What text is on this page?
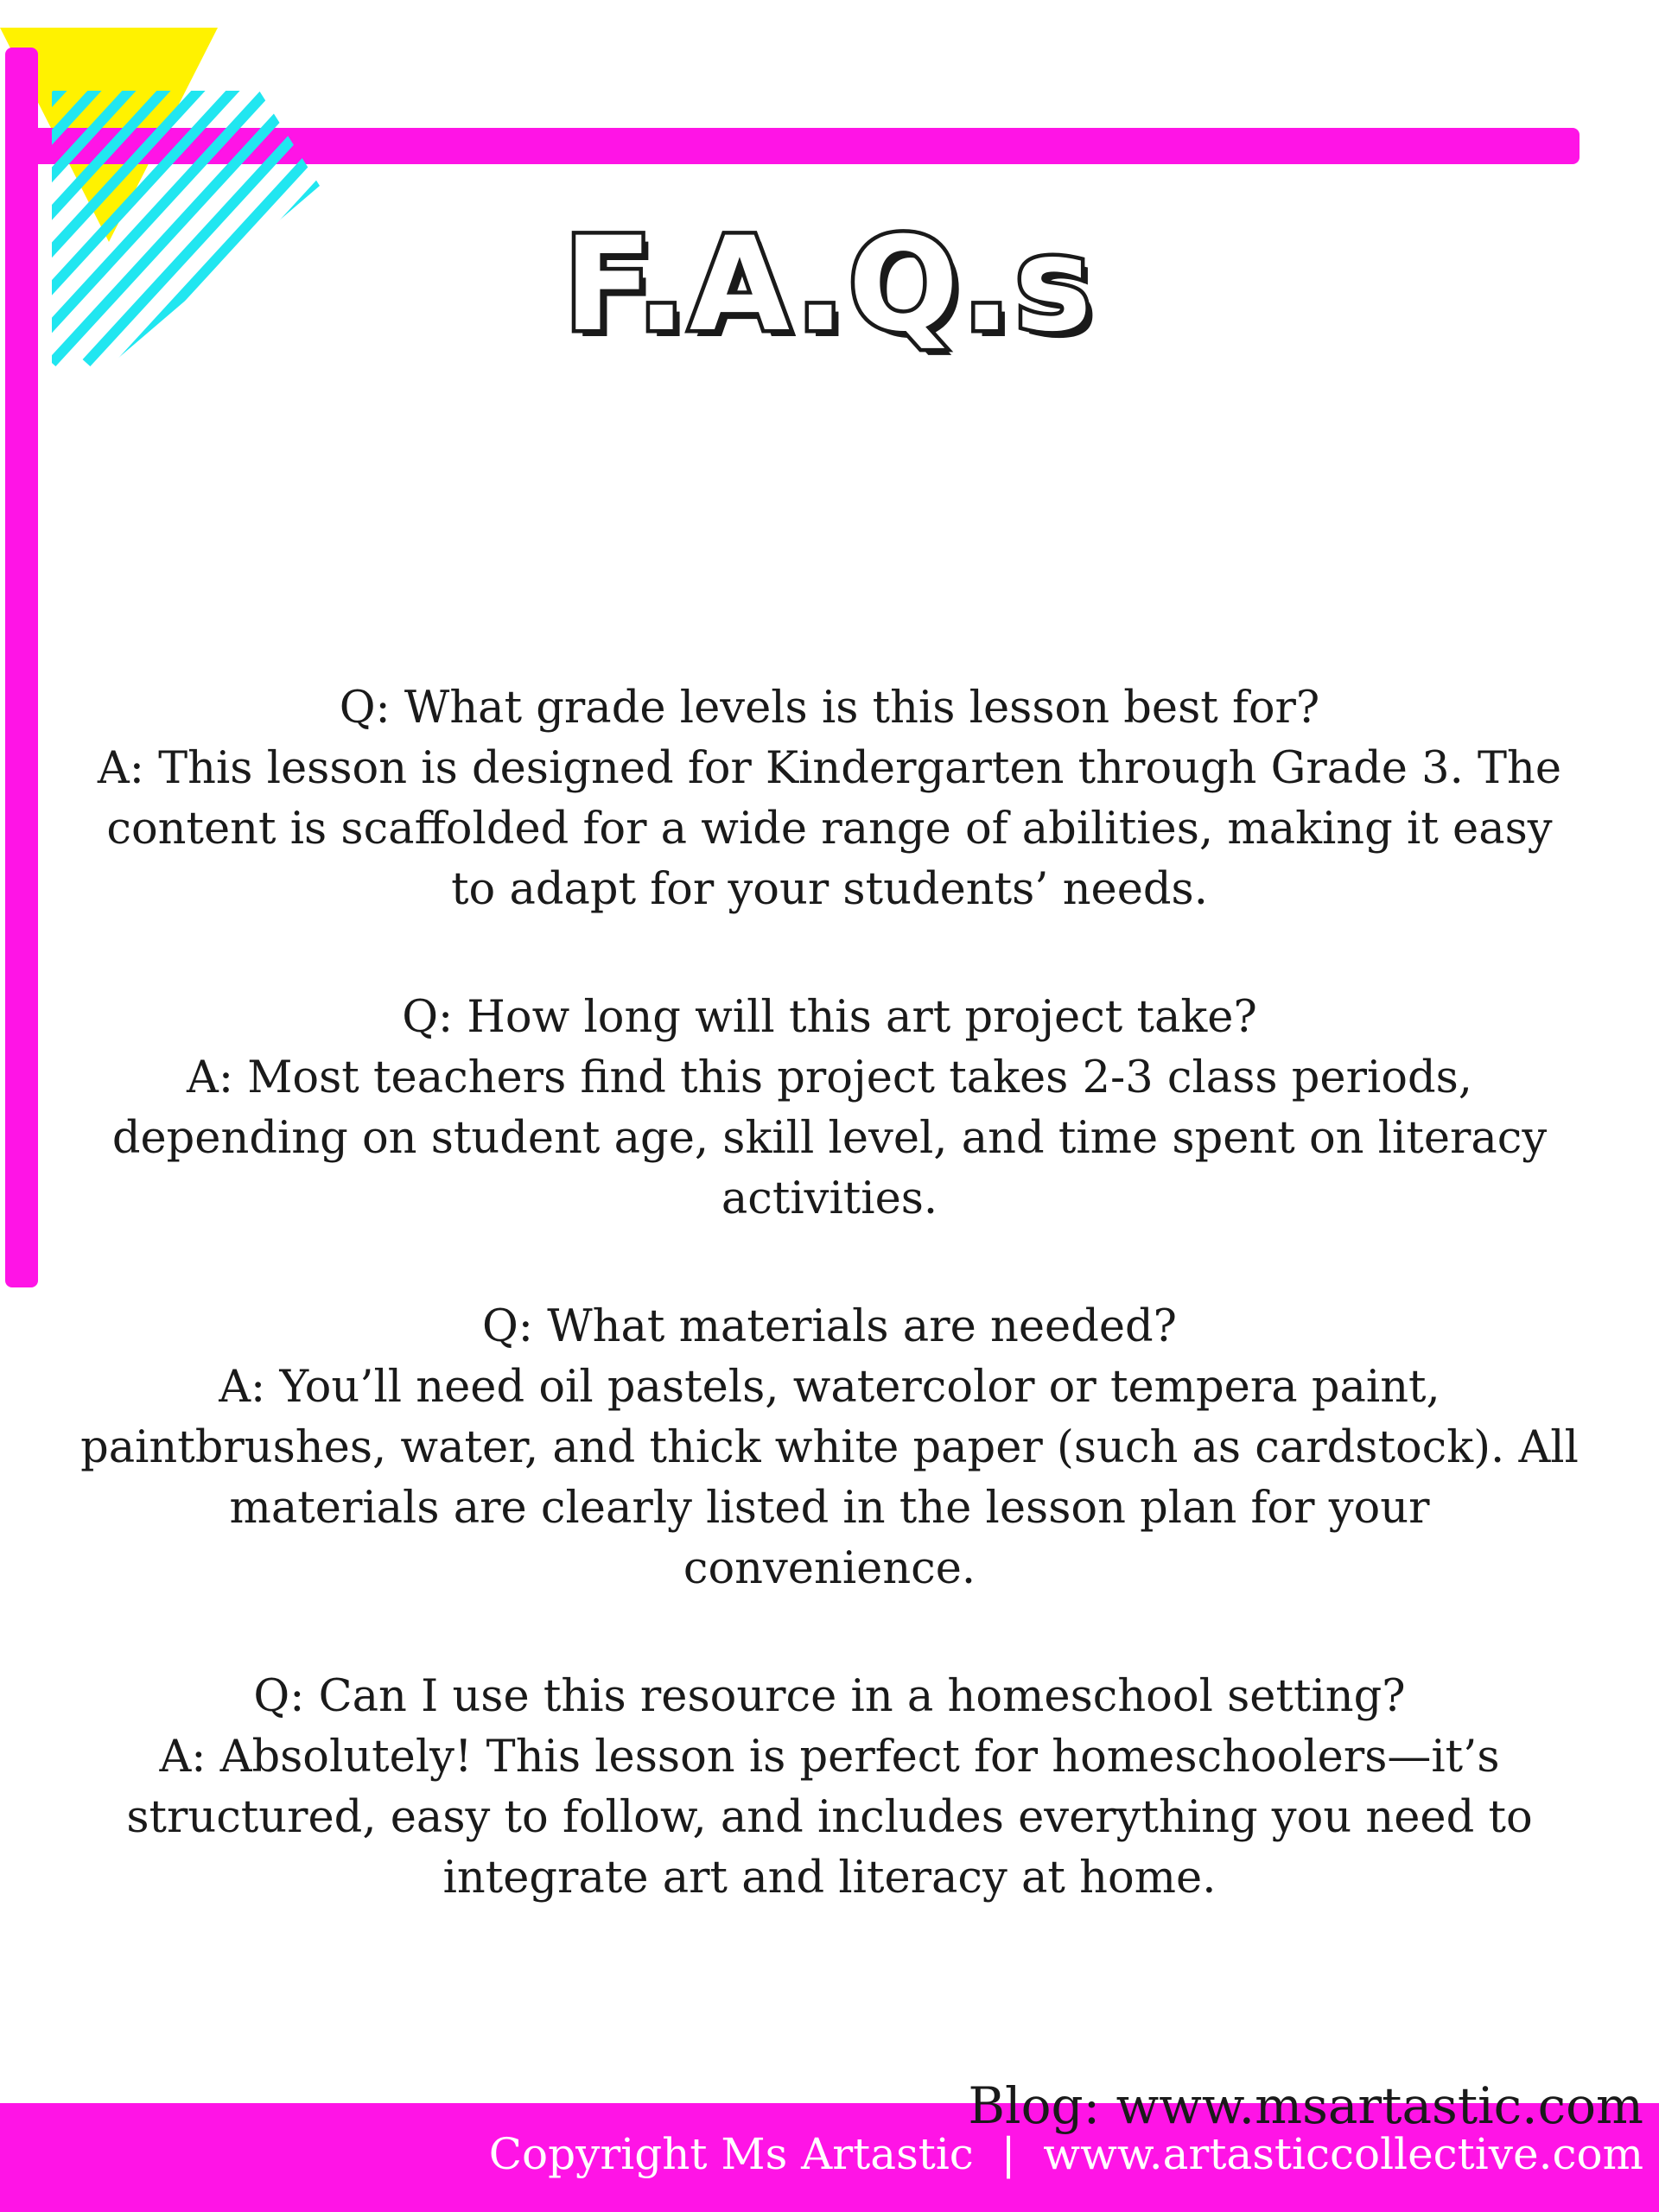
F.A.Q.s

Q: What grade levels is this lesson best for?

A: This lesson is designed for Kindergarten through Grade 3. The content is scaffolded for a wide range of abilities, making it easy to adapt for your students’ needs.

Q: How long will this art project take?

A: Most teachers find this project takes 2-3 class periods, depending on student age, skill level, and time spent on literacy activities.

Q: What materials are needed?

A: You’ll need oil pastels, watercolor or tempera paint, paintbrushes, water, and thick white paper (such as cardstock). All materials are clearly listed in the lesson plan for your convenience.

Q: Can I use this resource in a homeschool setting?

A: Absolutely! This lesson is perfect for homeschoolers—it’s structured, easy to follow, and includes everything you need to integrate art and literacy at home.

Blog: www.msartastic.com
Copyright Ms Artastic | www.artasticcollective.com
